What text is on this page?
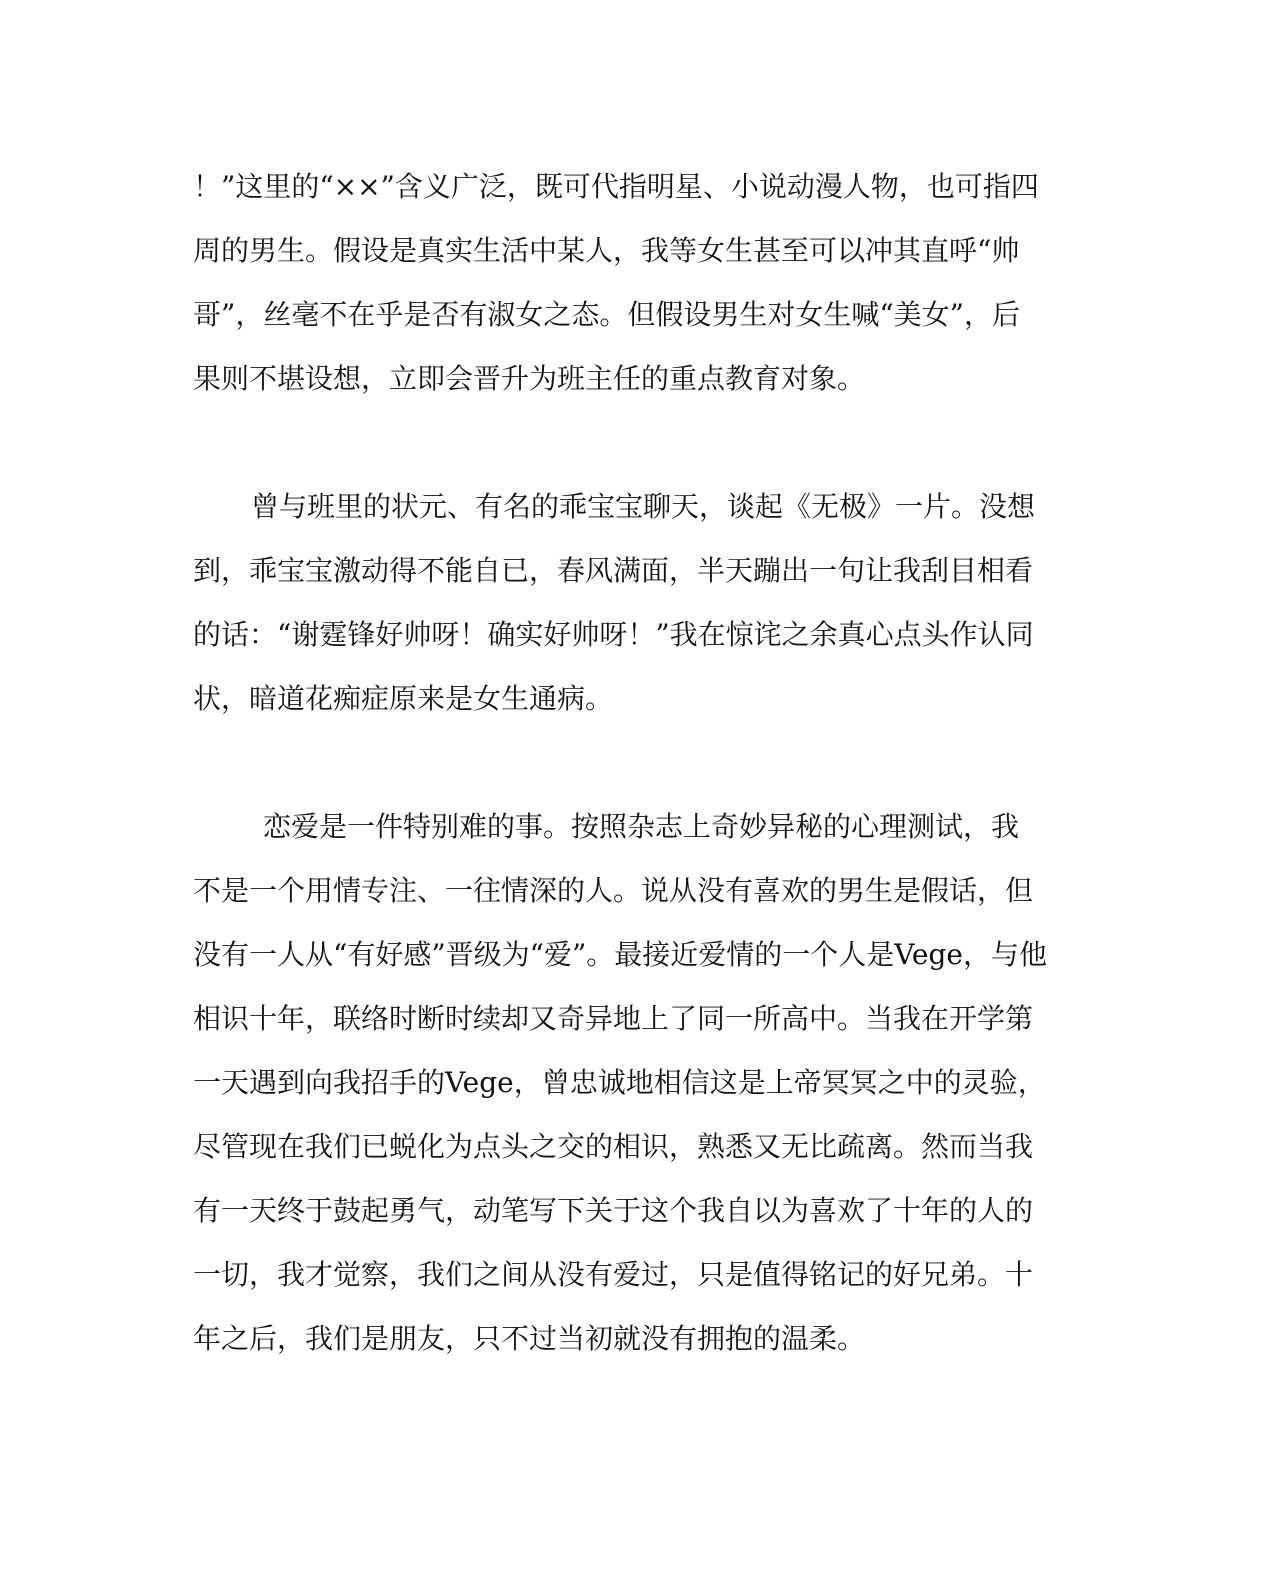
！”这里的“××”含义广泛，既可代指明星、小说动漫人物，也可指四
周的男生。假设是真实生活中某人，我等女生甚至可以冲其直呼“帅
哥”，丝毫不在乎是否有淑女之态。但假设男生对女生喊“美女”，后
果则不堪设想，立即会晋升为班主任的重点教育对象。
曾与班里的状元、有名的乖宝宝聊天，谈起《无极》一片。没想
到，乖宝宝激动得不能自已，春风满面，半天蹦出一句让我刮目相看
的话：“谢霆锋好帅呀！确实好帅呀！”我在惊诧之余真心点头作认同
状，暗道花痴症原来是女生通病。
恋爱是一件特别难的事。按照杂志上奇妙异秘的心理测试，我
不是一个用情专注、一往情深的人。说从没有喜欢的男生是假话，但
没有一人从“有好感”晋级为“爱”。最接近爱情的一个人是Vege，与他
相识十年，联络时断时续却又奇异地上了同一所高中。当我在开学第
一天遇到向我招手的Vege，曾忠诚地相信这是上帝冥冥之中的灵验，
尽管现在我们已蜕化为点头之交的相识，熟悉又无比疏离。然而当我
有一天终于鼓起勇气，动笔写下关于这个我自以为喜欢了十年的人的
一切，我才觉察，我们之间从没有爱过，只是值得铭记的好兄弟。十
年之后，我们是朋友，只不过当初就没有拥抱的温柔。
